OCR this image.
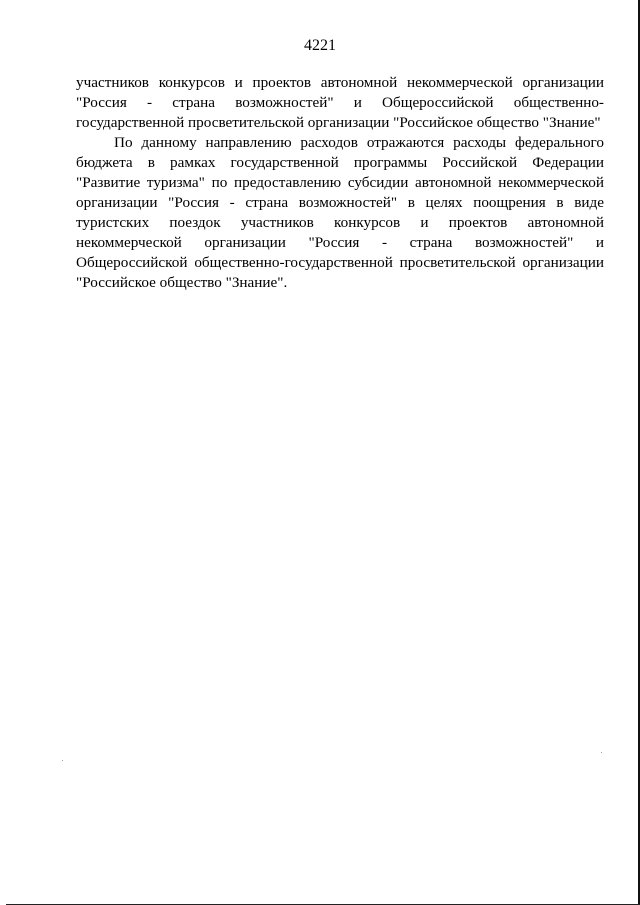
4221

участников конкурсов и проектов автономной некоммерческой организации "Россия - страна возможностей" и Общероссийской общественно-государственной просветительской организации "Российское общество "Знание"

По данному направлению расходов отражаются расходы федерального бюджета в рамках государственной программы Российской Федерации "Развитие туризма" по предоставлению субсидии автономной некоммерческой организации "Россия - страна возможностей" в целях поощрения в виде туристских поездок участников конкурсов и проектов автономной некоммерческой организации "Россия - страна возможностей" и Общероссийской общественно-государственной просветительской организации "Российское общество "Знание".
